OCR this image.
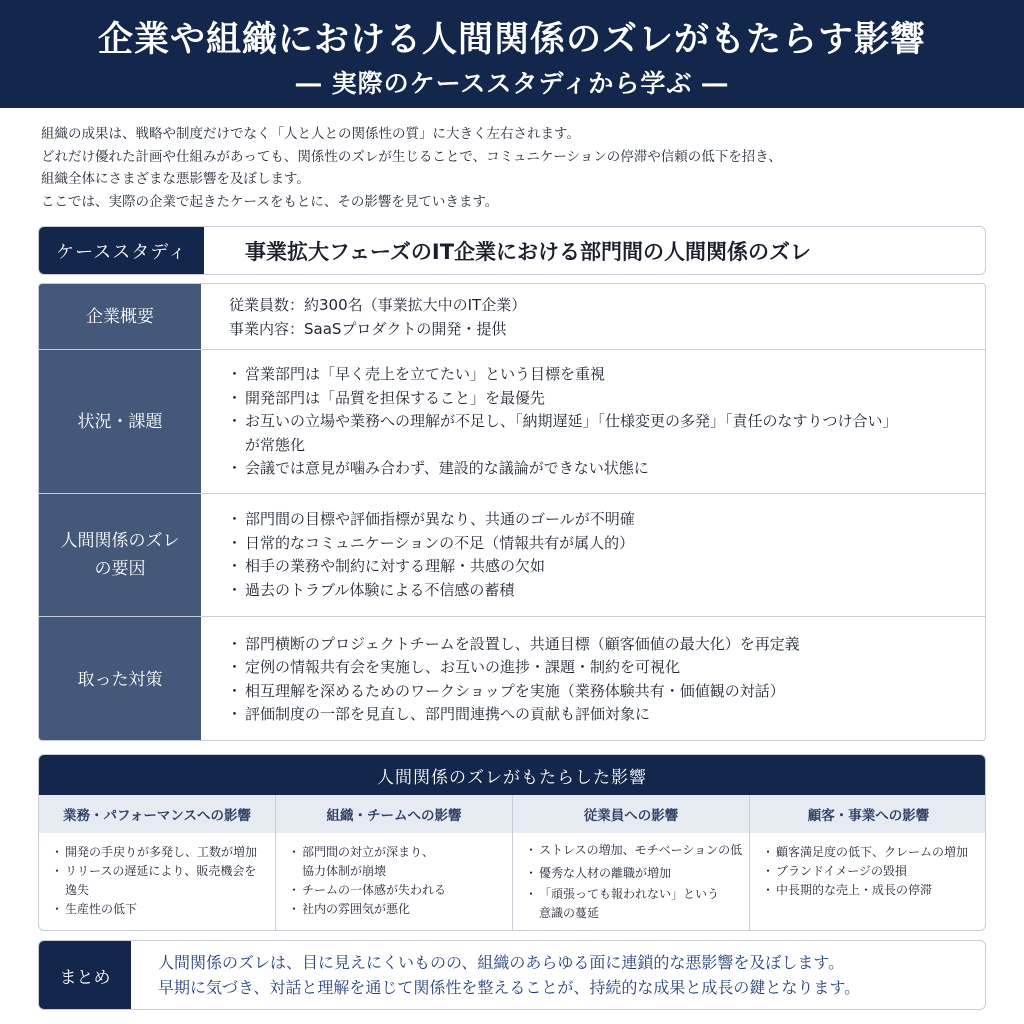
企業や組織における人間関係のズレがもたらす影響
― 実際のケーススタディから学ぶ ―

組織の成果は、戦略や制度だけでなく「人と人との関係性の質」に大きく左右されます。

どれだけ優れた計画や仕組みがあっても、関係性のズレが生じることで、コミュニケーションの停滞や信頼の低下を招き、

組織全体にさまざまな悪影響を及ぼします。

ここでは、実際の企業で起きたケースをもとに、その影響を見ていきます。

ケーススタディ	事業拡大フェーズのIT企業における部門間の人間関係のズレ
企業概要
従業員数：約300名（事業拡大中のIT企業）
事業内容：SaaSプロダクトの開発・提供
状況・課題
・ 営業部門は「早く売上を立てたい」という目標を重視
・ 開発部門は「品質を担保すること」を最優先
・ お互いの立場や業務への理解が不足し、「納期遅延」「仕様変更の多発」「責任のなすりつけ合い」
が常態化
・ 会議では意見が噛み合わず、建設的な議論ができない状態に
人間関係のズレ
の要因
・ 部門間の目標や評価指標が異なり、共通のゴールが不明確
・ 日常的なコミュニケーションの不足（情報共有が属人的）
・ 相手の業務や制約に対する理解・共感の欠如
・ 過去のトラブル体験による不信感の蓄積
取った対策
・ 部門横断のプロジェクトチームを設置し、共通目標（顧客価値の最大化）を再定義
・ 定例の情報共有会を実施し、お互いの進捗・課題・制約を可視化
・ 相互理解を深めるためのワークショップを実施（業務体験共有・価値観の対話）
・ 評価制度の一部を見直し、部門間連携への貢献も評価対象に
人間関係のズレがもたらした影響
業務・パフォーマンスへの影響
・ 開発の手戻りが多発し、工数が増加
・ リリースの遅延により、販売機会を
逸失
・ 生産性の低下
組織・チームへの影響
・ 部門間の対立が深まり、
協力体制が崩壊
・ チームの一体感が失われる
・ 社内の雰囲気が悪化
従業員への影響
・ ストレスの増加、モチベーションの低
・ 優秀な人材の離職が増加
・ 「頑張っても報われない」という
意識の蔓延
顧客・事業への影響
・ 顧客満足度の低下、クレームの増加
・ ブランドイメージの毀損
・ 中長期的な売上・成長の停滞
まとめ

人間関係のズレは、目に見えにくいものの、組織のあらゆる面に連鎖的な悪影響を及ぼします。

早期に気づき、対話と理解を通じて関係性を整えることが、持続的な成果と成長の鍵となります。
